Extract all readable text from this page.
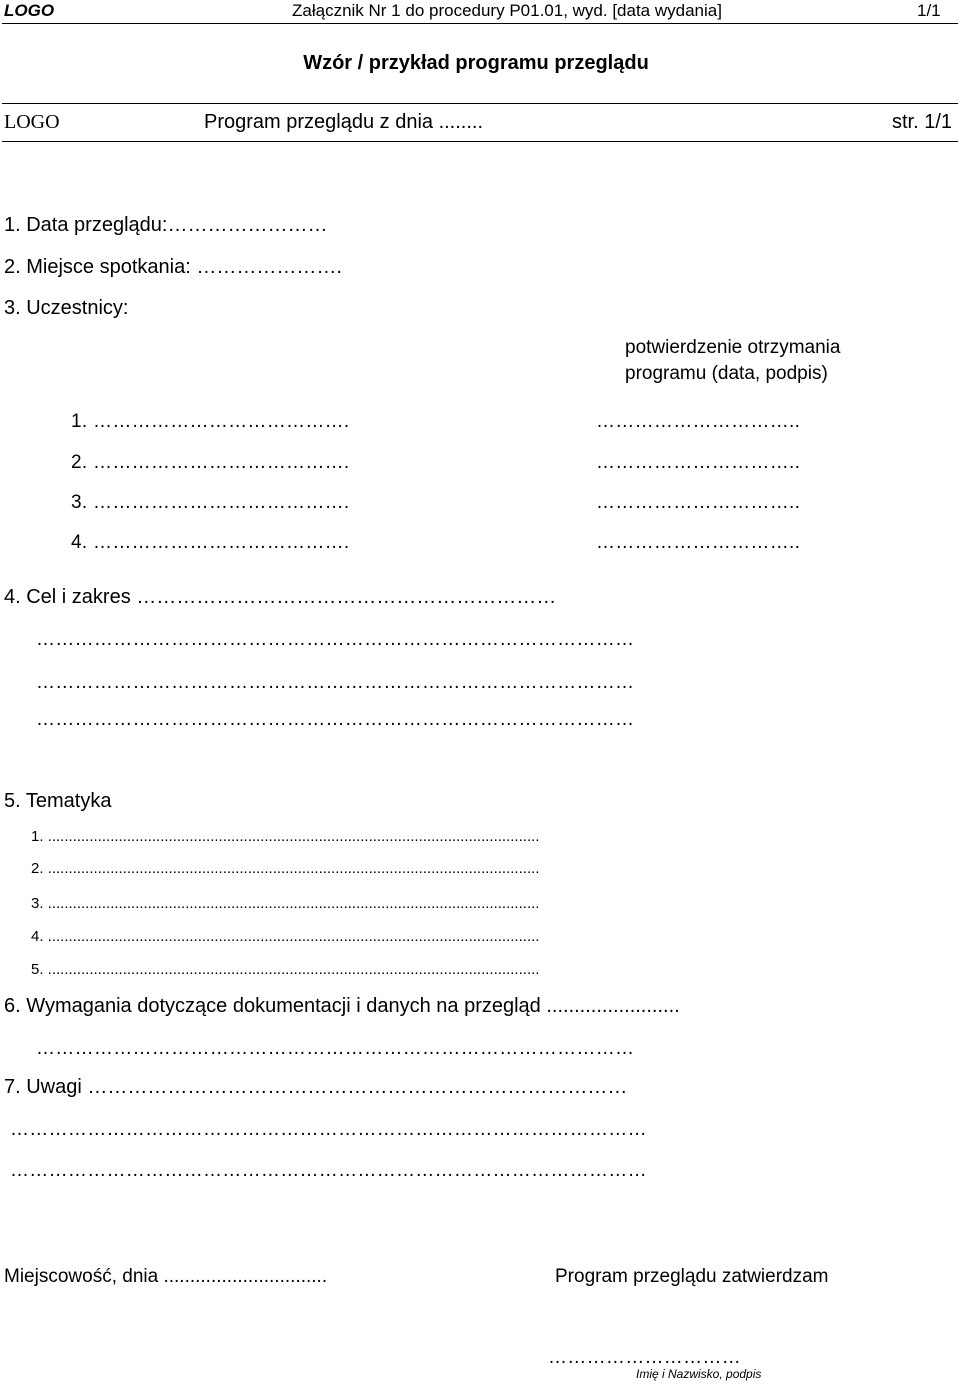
LOGO	Załącznik Nr 1 do procedury P01.01, wyd. [data wydania]	1/1
Wzór / przykład programu przeglądu
LOGO	Program przeglądu z dnia ........	str. 1/1
1. Data przeglądu:……………………
2. Miejsce spotkania: ………………….
3. Uczestnicy:
potwierdzenie otrzymania
programu (data, podpis)
1. ………………………………….	…………………………..
2. ………………………………….	…………………………..
3. ………………………………….	…………………………..
4. ………………………………….	…………………………..
4. Cel i zakres ………………………………………………………
…………………………………………………………………………………
…………………………………………………………………………………
…………………………………………………………………………………
5. Tematyka
1. ......................................................................................................................
2. ......................................................................................................................
3. ......................................................................................................................
4. ......................................................................................................................
5. ......................................................................................................................
6. Wymagania dotyczące dokumentacji i danych na przegląd ........................
…………………………………………………………………………………
7. Uwagi ………………………………………………………………………
………………………………………………………………………………………
………………………………………………………………………………………
Miejscowość, dnia ...............................	Program przeglądu zatwierdzam
…………………………
Imię i Nazwisko, podpis
